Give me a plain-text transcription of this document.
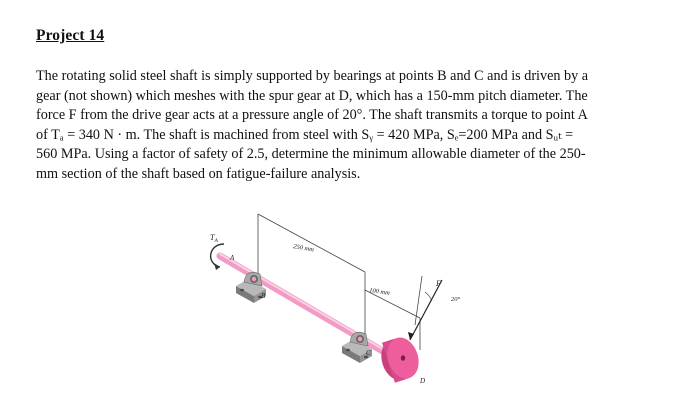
Project 14

The rotating solid steel shaft is simply supported by bearings at points B and C and is driven by a
gear (not shown) which meshes with the spur gear at D, which has a 150-mm pitch diameter. The
force F from the drive gear acts at a pressure angle of 20°. The shaft transmits a torque to point A
of Tₐ = 340 N · m. The shaft is machined from steel with Sᵧ = 420 MPa, Sₑ=200 MPa and Sᵤₜ =
560 MPa. Using a factor of safety of 2.5, determine the minimum allowable diameter of the 250-
mm section of the shaft based on fatigue-failure analysis.

250 mm
100 mm
$T_A$
A
B
C
D
F
20°
